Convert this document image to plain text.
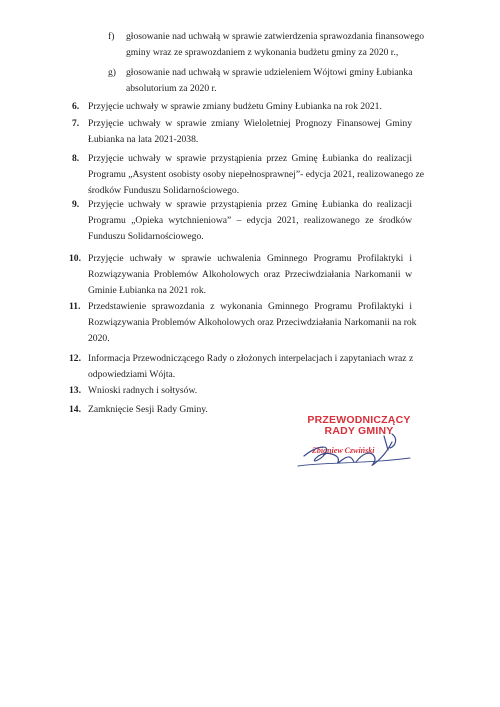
f) głosowanie nad uchwałą w sprawie zatwierdzenia sprawozdania finansowego
gminy wraz ze sprawozdaniem z wykonania budżetu gminy za 2020 r.,
g) głosowanie nad uchwałą w sprawie udzieleniem Wójtowi gminy Łubianka
absolutorium za 2020 r.
6. Przyjęcie uchwały w sprawie zmiany budżetu Gminy Łubianka na rok 2021.
7. Przyjęcie uchwały w sprawie zmiany Wieloletniej Prognozy Finansowej Gminy
Łubianka na lata 2021-2038.
8. Przyjęcie uchwały w sprawie przystąpienia przez Gminę Łubianka do realizacji
Programu „Asystent osobisty osoby niepełnosprawnej”- edycja 2021, realizowanego ze
środków Funduszu Solidarnościowego.
9. Przyjęcie uchwały w sprawie przystąpienia przez Gminę Łubianka do realizacji
Programu „Opieka wytchnieniowa” – edycja 2021, realizowanego ze środków
Funduszu Solidarnościowego.
10. Przyjęcie uchwały w sprawie uchwalenia Gminnego Programu Profilaktyki i
Rozwiązywania Problemów Alkoholowych oraz Przeciwdziałania Narkomanii w
Gminie Łubianka na 2021 rok.
11. Przedstawienie sprawozdania z wykonania Gminnego Programu Profilaktyki i
Rozwiązywania Problemów Alkoholowych oraz Przeciwdziałania Narkomanii na rok
2020.
12. Informacja Przewodniczącego Rady o złożonych interpelacjach i zapytaniach wraz z
odpowiedziami Wójta.
13. Wnioski radnych i sołtysów.
14. Zamknięcie Sesji Rady Gminy.
PRZEWODNICZĄCY
RADY GMINY
Zbigniew Czwiński
